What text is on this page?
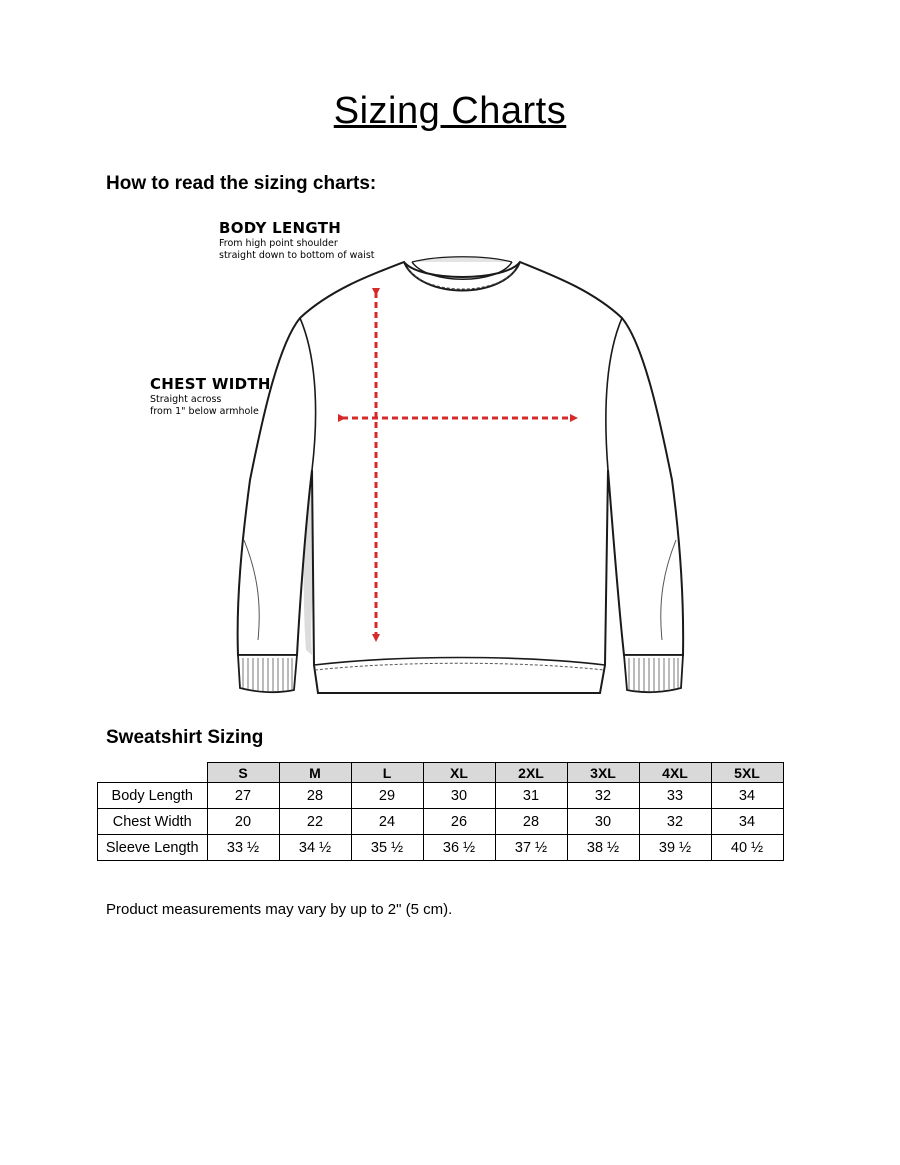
Sizing Charts
How to read the sizing charts:
BODY LENGTH
From high point shoulder
straight down to bottom of waist
CHEST WIDTH
Straight across
from 1" below armhole
Sweatshirt Sizing
	S	M	L	XL	2XL	3XL	4XL	5XL
Body Length	27	28	29	30	31	32	33	34
Chest Width	20	22	24	26	28	30	32	34
Sleeve Length	33 ½	34 ½	35 ½	36 ½	37 ½	38 ½	39 ½	40 ½
Product measurements may vary by up to 2" (5 cm).
